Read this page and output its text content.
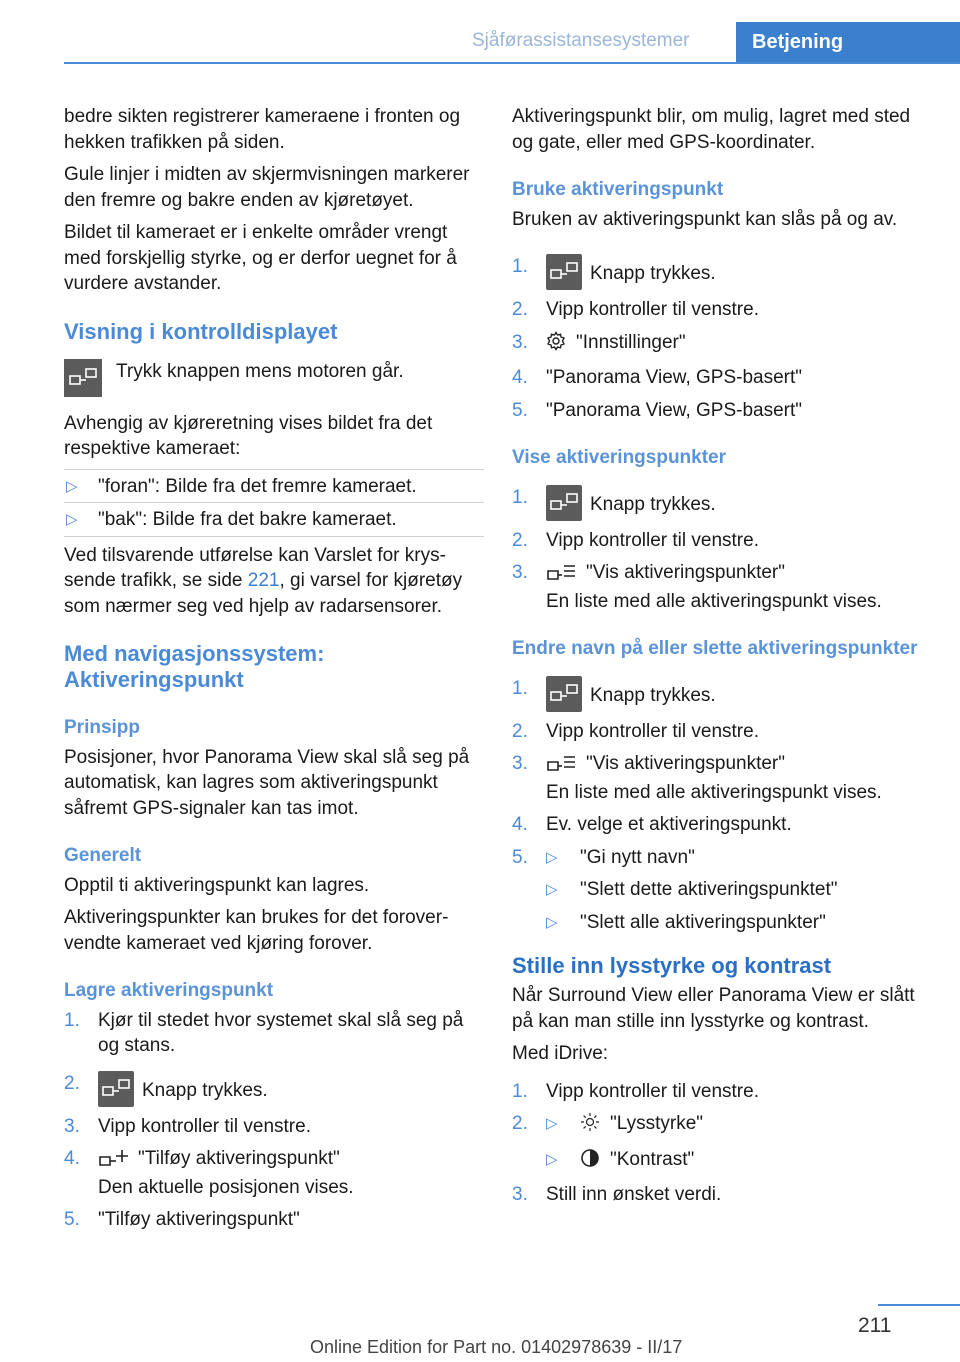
Sjåførassistansesystemer	Betjening

bedre sikten registrerer kameraene i fronten og hekken trafikken på siden.

Gule linjer i midten av skjermvisningen markerer den fremre og bakre enden av kjøretøyet.

Bildet til kameraet er i enkelte områder vrengt med forskjellig styrke, og er derfor uegnet for å vurdere avstander.

Visning i kontrolldisplayet
Trykk knappen mens motoren går.

Avhengig av kjøreretning vises bildet fra det respektive kameraet:

▷ "foran": Bilde fra det fremre kameraet.
▷ "bak": Bilde fra det bakre kameraet.

Ved tilsvarende utførelse kan Varslet for kryssende trafikk, se side 221, gi varsel for kjøretøy som nærmer seg ved hjelp av radarsensorer.

Med navigasjonssystem: Aktiveringspunkt
Prinsipp

Posisjoner, hvor Panorama View skal slå seg på automatisk, kan lagres som aktiveringspunkt såfremt GPS-signaler kan tas imot.

Generelt

Opptil ti aktiveringspunkt kan lagres.

Aktiveringspunkter kan brukes for det forovervendte kameraet ved kjøring forover.

Lagre aktiveringspunkt
1. Kjør til stedet hvor systemet skal slå seg på og stans.
2.	Knapp trykkes.
3. Vipp kontroller til venstre.
4.	"Tilføy aktiveringspunkt"
Den aktuelle posisjonen vises.
5. "Tilføy aktiveringspunkt"

Aktiveringspunkt blir, om mulig, lagret med sted og gate, eller med GPS-koordinater.

Bruke aktiveringspunkt

Bruken av aktiveringspunkt kan slås på og av.

1.	Knapp trykkes.
2. Vipp kontroller til venstre.
3.	"Innstillinger"
4. "Panorama View, GPS-basert"
5. "Panorama View, GPS-basert"
Vise aktiveringspunkter
1.	Knapp trykkes.
2. Vipp kontroller til venstre.
3.	"Vis aktiveringspunkter"
En liste med alle aktiveringspunkt vises.
Endre navn på eller slette aktiveringspunkter
1.	Knapp trykkes.
2. Vipp kontroller til venstre.
3.	"Vis aktiveringspunkter"
En liste med alle aktiveringspunkt vises.
4. Ev. velge et aktiveringspunkt.
5. ▷ "Gi nytt navn"
▷ "Slett dette aktiveringspunktet"
▷ "Slett alle aktiveringspunkter"
Stille inn lysstyrke og kontrast

Når Surround View eller Panorama View er slått på kan man stille inn lysstyrke og kontrast.

Med iDrive:

1. Vipp kontroller til venstre.
2. ▷	"Lysstyrke"
▷	"Kontrast"
3. Still inn ønsket verdi.
211
Online Edition for Part no. 01402978639 - II/17
